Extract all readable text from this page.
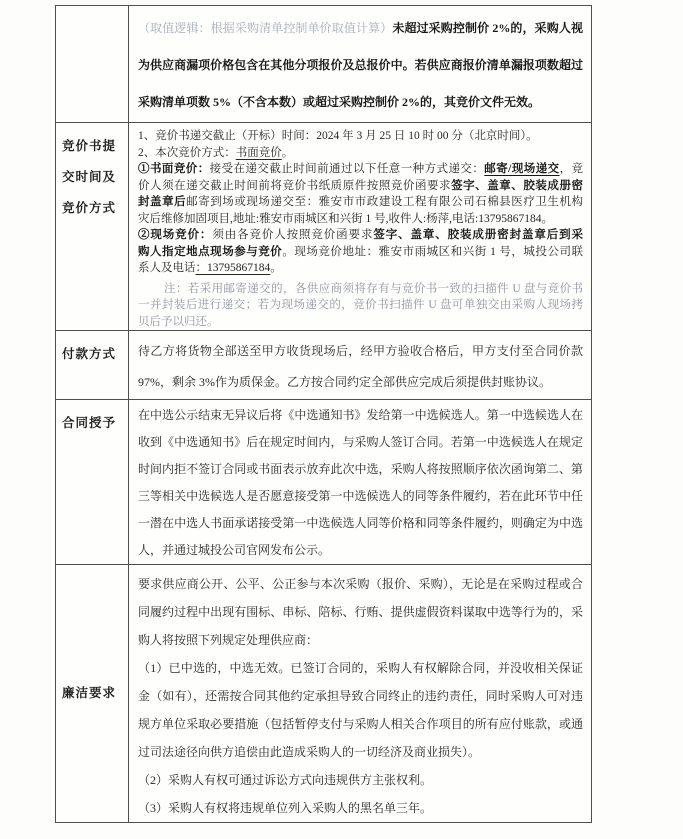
（取值逻辑：根据采购清单控制单价取值计算）未超过采购控制价 2%的，采购人视
为供应商漏项价格包含在其他分项报价及总报价中。若供应商报价清单漏报项数超过
采购清单项数 5%（不含本数）或超过采购控制价 2%的，其竞价文件无效。
竞价书提交时间及竞价方式
1、竞价书递交截止（开标）时间：2024 年 3 月 25 日 10 时 00 分（北京时间）。
2、本次竞价方式：书面竞价。
①书面竞价：接受在递交截止时间前通过以下任意一种方式递交：邮寄/现场递交，竞
价人须在递交截止时间前将竞价书纸质原件按照竞价函要求签字、盖章、胶装成册密
封盖章后邮寄到场或现场递交至：雅安市市政建设工程有限公司石棉县医疗卫生机构
灾后维修加固项目,地址:雅安市雨城区和兴街 1 号,收件人:杨萍,电话:13795867184。
②现场竞价：须由各竞价人按照竞价函要求签字、盖章、胶装成册密封盖章后到采
购人指定地点现场参与竞价。现场竞价地址：雅安市雨城区和兴街 1 号，城投公司联
系人及电话：13795867184。
注：若采用邮寄递交的，各供应商须将存有与竞价书一致的扫描件 U 盘与竞价书
一并封装后进行递交；若为现场递交的，竞价书扫描件 U 盘可单独交由采购人现场拷
贝后予以归还。
付款方式	待乙方将货物全部送至甲方收货现场后，经甲方验收合格后，甲方支付至合同价款
97%，剩余 3%作为质保金。乙方按合同约定全部供应完成后须提供封账协议。
合同授予
在中选公示结束无异议后将《中选通知书》发给第一中选候选人。第一中选候选人在
收到《中选通知书》后在规定时间内，与采购人签订合同。若第一中选候选人在规定
时间内拒不签订合同或书面表示放弃此次中选，采购人将按照顺序依次函询第二、第
三等相关中选候选人是否愿意接受第一中选候选人的同等条件履约，若在此环节中任
一潜在中选人书面承诺接受第一中选候选人同等价格和同等条件履约，则确定为中选
人，并通过城投公司官网发布公示。
廉洁要求
要求供应商公开、公平、公正参与本次采购（报价、采购），无论是在采购过程或合
同履约过程中出现有围标、串标、陪标、行贿、提供虚假资料谋取中选等行为的，采
购人将按照下列规定处理供应商：
（1）已中选的，中选无效。已签订合同的，采购人有权解除合同，并没收相关保证
金（如有），还需按合同其他约定承担导致合同终止的违约责任，同时采购人可对违
规方单位采取必要措施（包括暂停支付与采购人相关合作项目的所有应付账款，或通
过司法途径向供方追偿由此造成采购人的一切经济及商业损失）。
（2）采购人有权可通过诉讼方式向违规供方主张权利。
（3）采购人有权将违规单位列入采购人的黑名单三年。
